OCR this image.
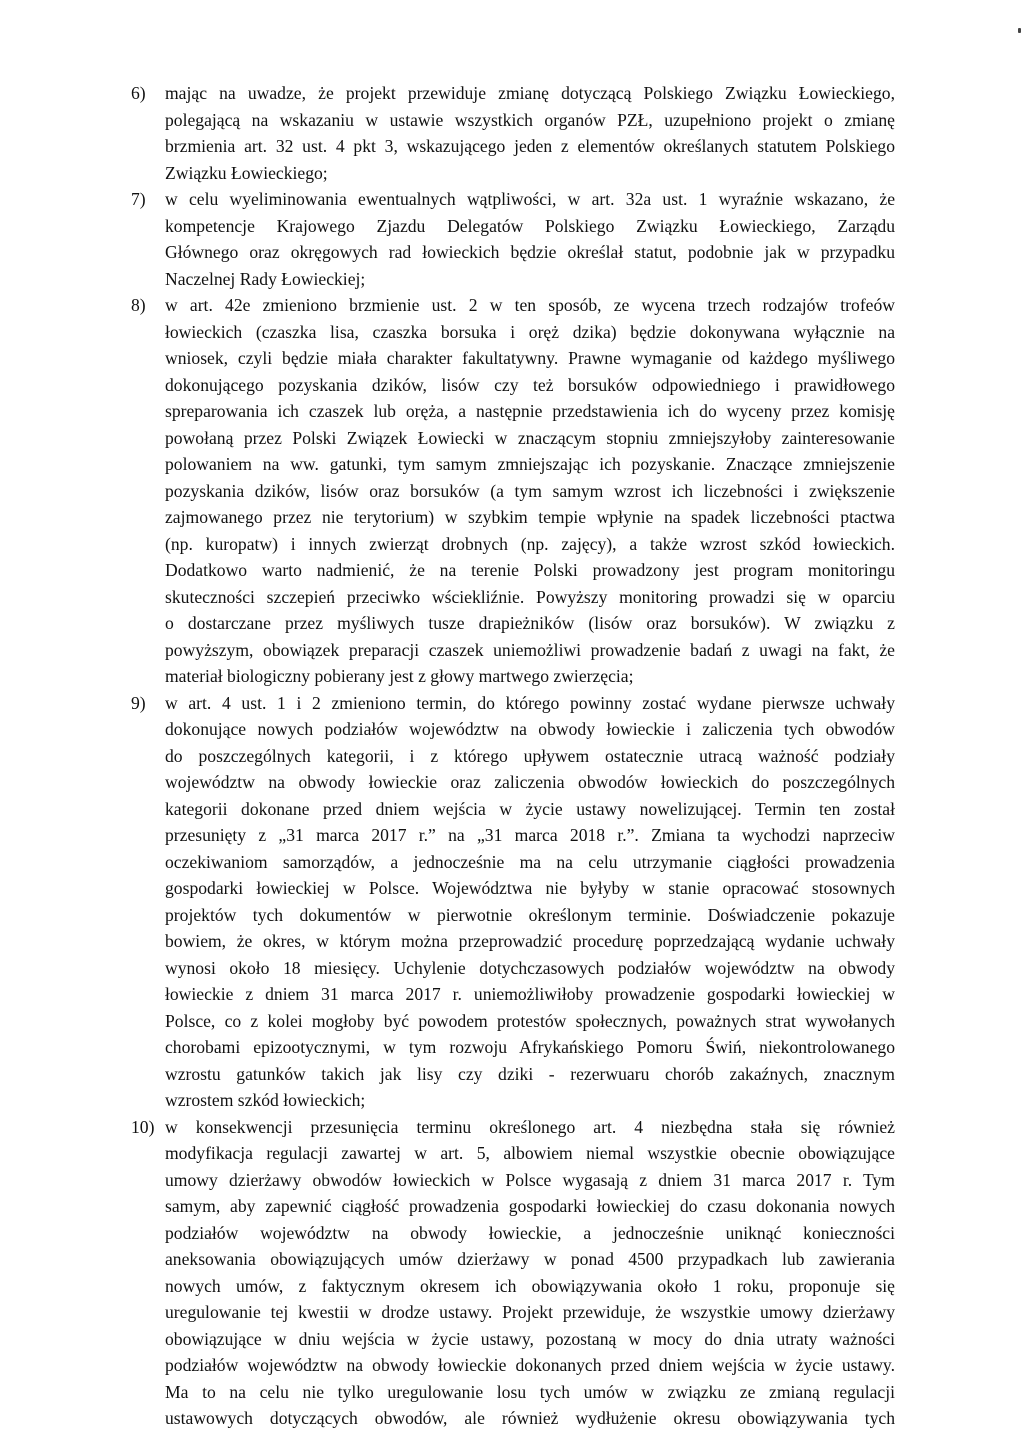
6)	mając na uwadze, że projekt przewiduje zmianę dotyczącą Polskiego Związku Łowieckiego,
polegającą na wskazaniu w ustawie wszystkich organów PZŁ, uzupełniono projekt o zmianę
brzmienia art. 32 ust. 4 pkt 3, wskazującego jeden z elementów określanych statutem Polskiego
Związku Łowieckiego;
7)	w celu wyeliminowania ewentualnych wątpliwości, w art. 32a ust. 1 wyraźnie wskazano, że
kompetencje Krajowego Zjazdu Delegatów Polskiego Związku Łowieckiego, Zarządu
Głównego oraz okręgowych rad łowieckich będzie określał statut, podobnie jak w przypadku
Naczelnej Rady Łowieckiej;
8)	w art. 42e zmieniono brzmienie ust. 2 w ten sposób, ze wycena trzech rodzajów trofeów
łowieckich (czaszka lisa, czaszka borsuka i oręż dzika) będzie dokonywana wyłącznie na
wniosek, czyli będzie miała charakter fakultatywny. Prawne wymaganie od każdego myśliwego
dokonującego pozyskania dzików, lisów czy też borsuków odpowiedniego i prawidłowego
spreparowania ich czaszek lub oręża, a następnie przedstawienia ich do wyceny przez komisję
powołaną przez Polski Związek Łowiecki w znaczącym stopniu zmniejszyłoby zainteresowanie
polowaniem na ww. gatunki, tym samym zmniejszając ich pozyskanie. Znaczące zmniejszenie
pozyskania dzików, lisów oraz borsuków (a tym samym wzrost ich liczebności i zwiększenie
zajmowanego przez nie terytorium) w szybkim tempie wpłynie na spadek liczebności ptactwa
(np. kuropatw) i innych zwierząt drobnych (np. zajęcy), a także wzrost szkód łowieckich.
Dodatkowo warto nadmienić, że na terenie Polski prowadzony jest program monitoringu
skuteczności szczepień przeciwko wściekliźnie. Powyższy monitoring prowadzi się w oparciu
o dostarczane przez myśliwych tusze drapieżników (lisów oraz borsuków). W związku z
powyższym, obowiązek preparacji czaszek uniemożliwi prowadzenie badań z uwagi na fakt, że
materiał biologiczny pobierany jest z głowy martwego zwierzęcia;
9)	w art. 4 ust. 1 i 2 zmieniono termin, do którego powinny zostać wydane pierwsze uchwały
dokonujące nowych podziałów województw na obwody łowieckie i zaliczenia tych obwodów
do poszczególnych kategorii, i z którego upływem ostatecznie utracą ważność podziały
województw na obwody łowieckie oraz zaliczenia obwodów łowieckich do poszczególnych
kategorii dokonane przed dniem wejścia w życie ustawy nowelizującej. Termin ten został
przesunięty z „31 marca 2017 r.” na „31 marca 2018 r.”. Zmiana ta wychodzi naprzeciw
oczekiwaniom samorządów, a jednocześnie ma na celu utrzymanie ciągłości prowadzenia
gospodarki łowieckiej w Polsce. Województwa nie byłyby w stanie opracować stosownych
projektów tych dokumentów w pierwotnie określonym terminie. Doświadczenie pokazuje
bowiem, że okres, w którym można przeprowadzić procedurę poprzedzającą wydanie uchwały
wynosi około 18 miesięcy. Uchylenie dotychczasowych podziałów województw na obwody
łowieckie z dniem 31 marca 2017 r. uniemożliwiłoby prowadzenie gospodarki łowieckiej w
Polsce, co z kolei mogłoby być powodem protestów społecznych, poważnych strat wywołanych
chorobami epizootycznymi, w tym rozwoju Afrykańskiego Pomoru Świń, niekontrolowanego
wzrostu gatunków takich jak lisy czy dziki - rezerwuaru chorób zakaźnych, znacznym
wzrostem szkód łowieckich;
10) w konsekwencji przesunięcia terminu określonego art. 4 niezbędna stała się również
modyfikacja regulacji zawartej w art. 5, albowiem niemal wszystkie obecnie obowiązujące
umowy dzierżawy obwodów łowieckich w Polsce wygasają z dniem 31 marca 2017 r. Tym
samym, aby zapewnić ciągłość prowadzenia gospodarki łowieckiej do czasu dokonania nowych
podziałów województw na obwody łowieckie, a jednocześnie uniknąć konieczności
aneksowania obowiązujących umów dzierżawy w ponad 4500 przypadkach lub zawierania
nowych umów, z faktycznym okresem ich obowiązywania około 1 roku, proponuje się
uregulowanie tej kwestii w drodze ustawy. Projekt przewiduje, że wszystkie umowy dzierżawy
obowiązujące w dniu wejścia w życie ustawy, pozostaną w mocy do dnia utraty ważności
podziałów województw na obwody łowieckie dokonanych przed dniem wejścia w życie ustawy.
Ma to na celu nie tylko uregulowanie losu tych umów w związku ze zmianą regulacji
ustawowych dotyczących obwodów, ale również wydłużenie okresu obowiązywania tych
